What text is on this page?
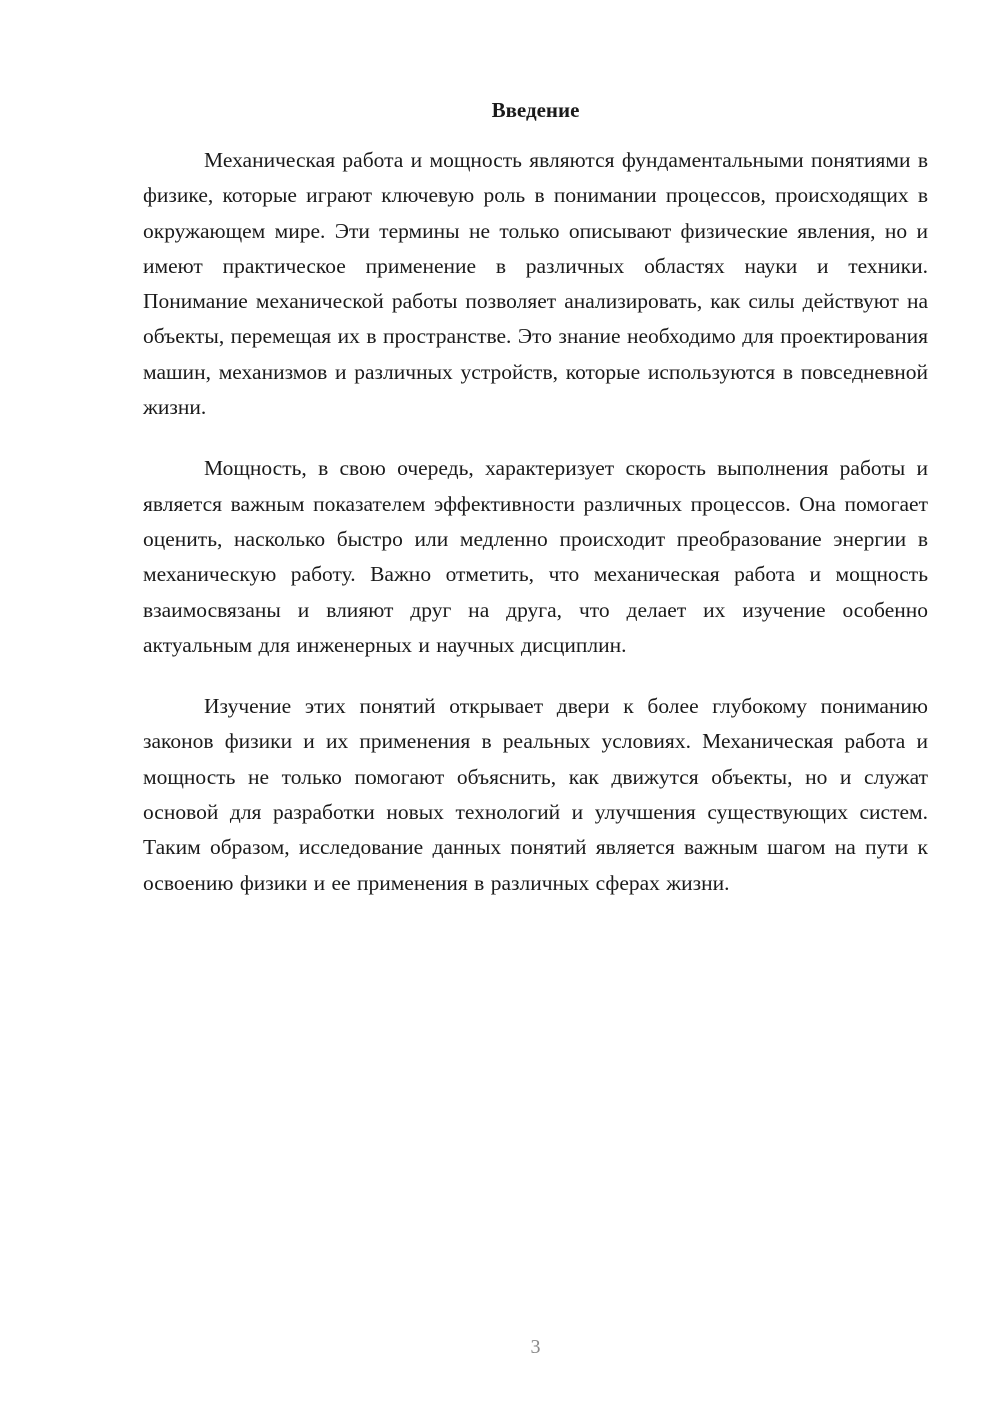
Введение

Механическая работа и мощность являются фундаментальными понятиями в физике, которые играют ключевую роль в понимании процессов, происходящих в окружающем мире. Эти термины не только описывают физические явления, но и имеют практическое применение в различных областях науки и техники. Понимание механической работы позволяет анализировать, как силы действуют на объекты, перемещая их в пространстве. Это знание необходимо для проектирования машин, механизмов и различных устройств, которые используются в повседневной жизни.

Мощность, в свою очередь, характеризует скорость выполнения работы и является важным показателем эффективности различных процессов. Она помогает оценить, насколько быстро или медленно происходит преобразование энергии в механическую работу. Важно отметить, что механическая работа и мощность взаимосвязаны и влияют друг на друга, что делает их изучение особенно актуальным для инженерных и научных дисциплин.

Изучение этих понятий открывает двери к более глубокому пониманию законов физики и их применения в реальных условиях. Механическая работа и мощность не только помогают объяснить, как движутся объекты, но и служат основой для разработки новых технологий и улучшения существующих систем. Таким образом, исследование данных понятий является важным шагом на пути к освоению физики и ее применения в различных сферах жизни.

3
